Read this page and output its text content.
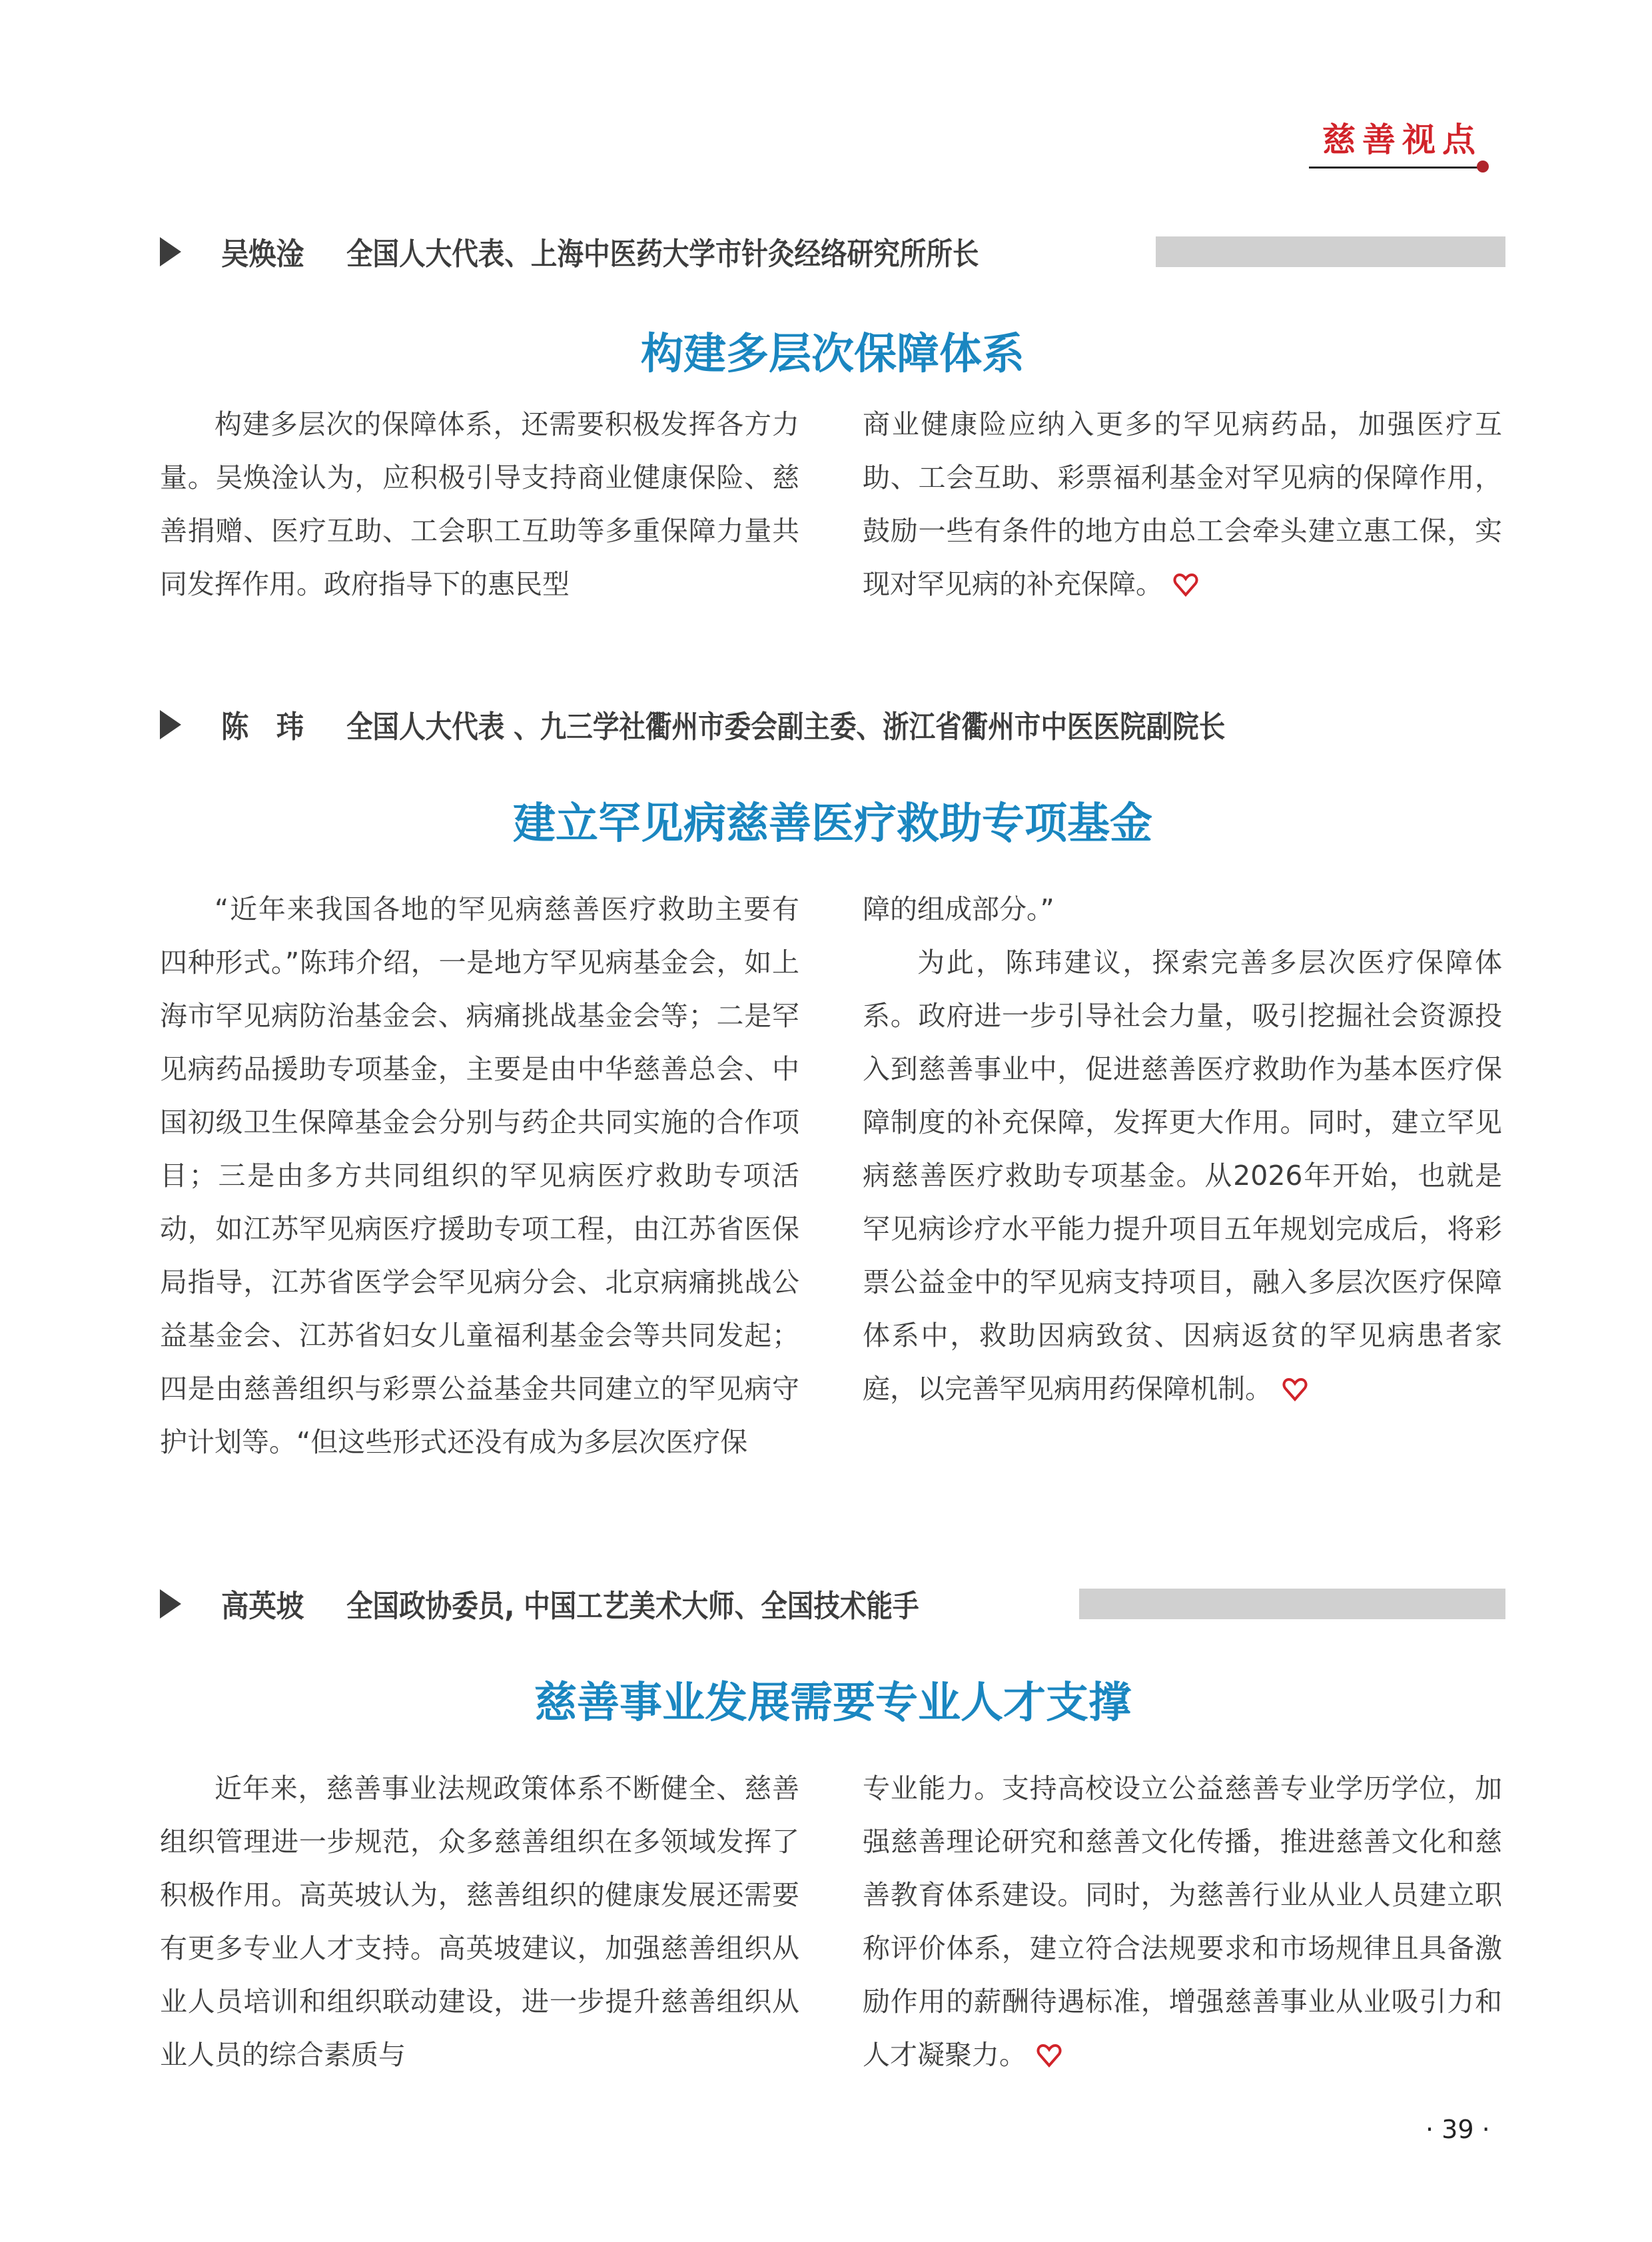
慈善视点
吴焕淦 全国人大代表、上海中医药大学市针灸经络研究所所长
构建多层次保障体系

构建多层次的保障体系，还需要积极发挥各方力量。吴焕淦认为，应积极引导支持商业健康保险、慈善捐赠、医疗互助、工会职工互助等多重保障力量共同发挥作用。政府指导下的惠民型

商业健康险应纳入更多的罕见病药品，加强医疗互助、工会互助、彩票福利基金对罕见病的保障作用，鼓励一些有条件的地方由总工会牵头建立惠工保，实现对罕见病的补充保障。

陈　玮 全国人大代表 、九三学社衢州市委会副主委、浙江省衢州市中医医院副院长
建立罕见病慈善医疗救助专项基金

“近年来我国各地的罕见病慈善医疗救助主要有四种形式。”陈玮介绍，一是地方罕见病基金会，如上海市罕见病防治基金会、病痛挑战基金会等；二是罕见病药品援助专项基金，主要是由中华慈善总会、中国初级卫生保障基金会分别与药企共同实施的合作项目；三是由多方共同组织的罕见病医疗救助专项活动，如江苏罕见病医疗援助专项工程，由江苏省医保局指导，江苏省医学会罕见病分会、北京病痛挑战公益基金会、江苏省妇女儿童福利基金会等共同发起；四是由慈善组织与彩票公益基金共同建立的罕见病守护计划等。“但这些形式还没有成为多层次医疗保

障的组成部分。”

为此，陈玮建议，探索完善多层次医疗保障体系。政府进一步引导社会力量，吸引挖掘社会资源投入到慈善事业中，促进慈善医疗救助作为基本医疗保障制度的补充保障，发挥更大作用。同时，建立罕见病慈善医疗救助专项基金。从2026年开始，也就是罕见病诊疗水平能力提升项目五年规划完成后，将彩票公益金中的罕见病支持项目，融入多层次医疗保障体系中，救助因病致贫、因病返贫的罕见病患者家庭，以完善罕见病用药保障机制。

高英坡 全国政协委员, 中国工艺美术大师、全国技术能手
慈善事业发展需要专业人才支撑

近年来，慈善事业法规政策体系不断健全、慈善组织管理进一步规范，众多慈善组织在多领域发挥了积极作用。高英坡认为，慈善组织的健康发展还需要有更多专业人才支持。高英坡建议，加强慈善组织从业人员培训和组织联动建设，进一步提升慈善组织从业人员的综合素质与

专业能力。支持高校设立公益慈善专业学历学位，加强慈善理论研究和慈善文化传播，推进慈善文化和慈善教育体系建设。同时，为慈善行业从业人员建立职称评价体系，建立符合法规要求和市场规律且具备激励作用的薪酬待遇标准，增强慈善事业从业吸引力和人才凝聚力。

· 39 ·
